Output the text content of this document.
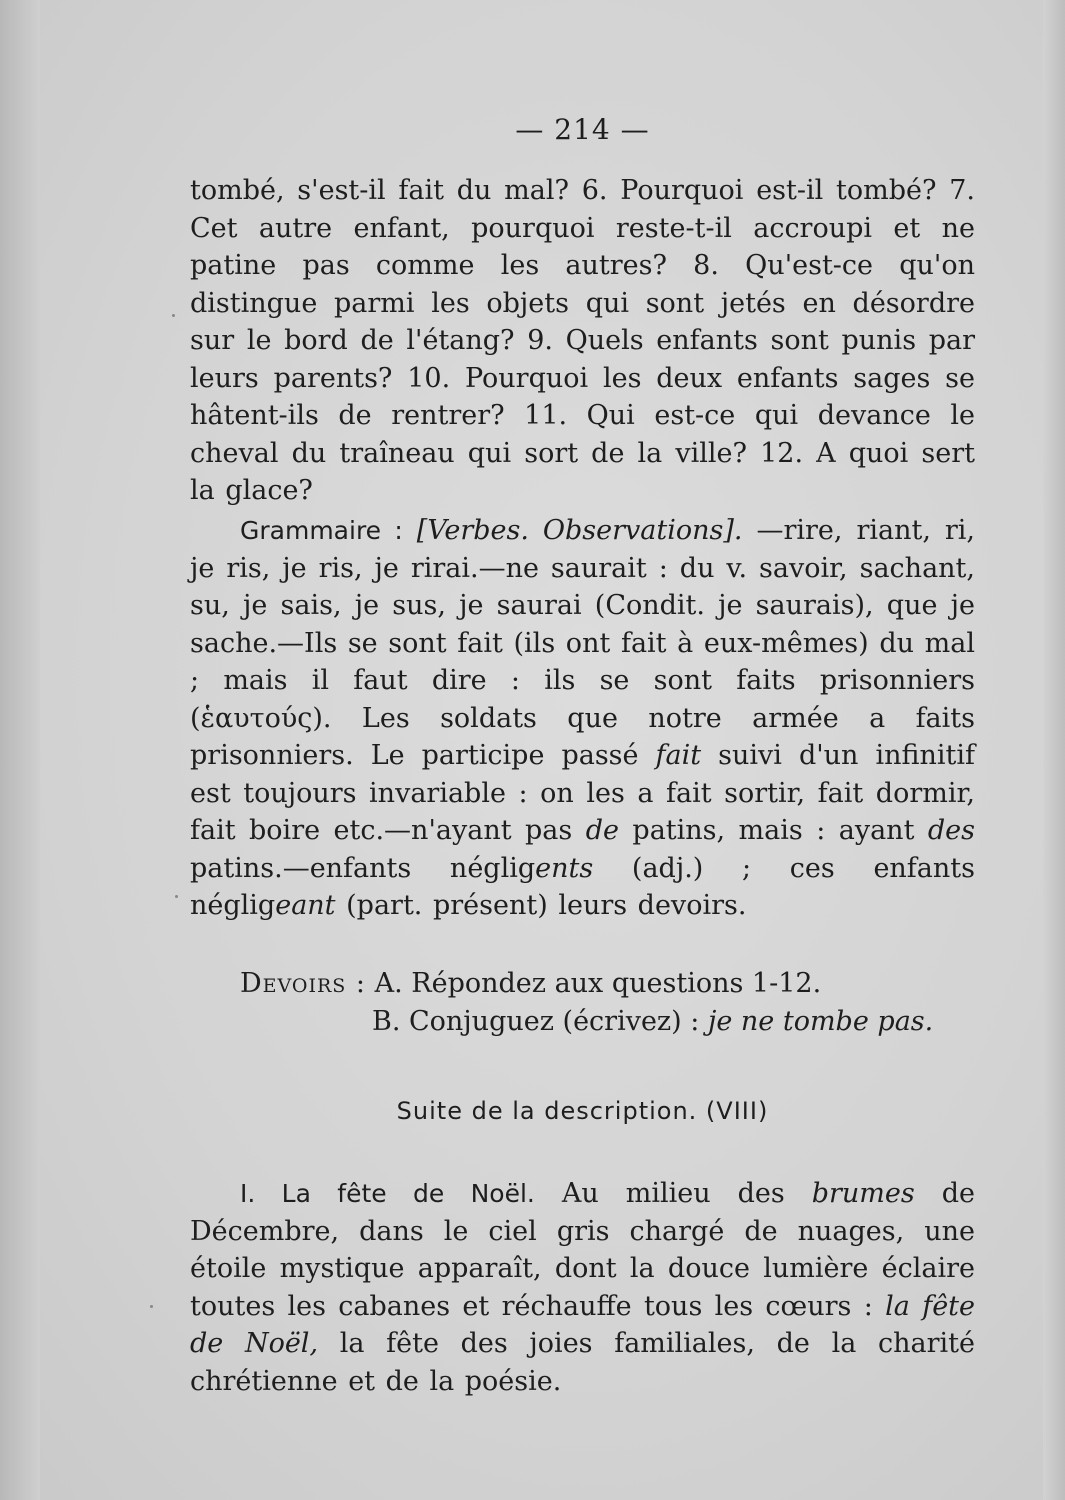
— 214 —
tombé, s'est-il fait du mal? 6. Pourquoi est-il tombé? 7. Cet autre enfant, pourquoi reste-t-il accroupi et ne patine pas comme les autres? 8. Qu'est-ce qu'on distingue parmi les objets qui sont jetés en désordre sur le bord de l'étang? 9. Quels enfants sont punis par leurs parents? 10. Pourquoi les deux enfants sages se hâtent-ils de rentrer? 11. Qui est-ce qui devance le cheval du traîneau qui sort de la ville? 12. A quoi sert la glace?
Grammaire : [Verbes. Observations]. —rire, riant, ri, je ris, je ris, je rirai.—ne saurait : du v. savoir, sachant, su, je sais, je sus, je saurai (Condit. je saurais), que je sache.—Ils se sont fait (ils ont fait à eux-mêmes) du mal ; mais il faut dire : ils se sont faits prisonniers (ἑαυτούς). Les soldats que notre armée a faits prisonniers. Le participe passé fait suivi d'un infinitif est toujours invariable : on les a fait sortir, fait dormir, fait boire etc.—n'ayant pas de patins, mais : ayant des patins.—enfants négligents (adj.) ; ces enfants négligeant (part. présent) leurs devoirs.
Devoirs : A. Répondez aux questions 1-12.
B. Conjuguez (écrivez) : je ne tombe pas.
Suite de la description. (VIII)
I. La fête de Noël. Au milieu des brumes de Décembre, dans le ciel gris chargé de nuages, une étoile mystique apparaît, dont la douce lumière éclaire toutes les cabanes et réchauffe tous les cœurs : la fête de Noël, la fête des joies familiales, de la charité chrétienne et de la poésie.
